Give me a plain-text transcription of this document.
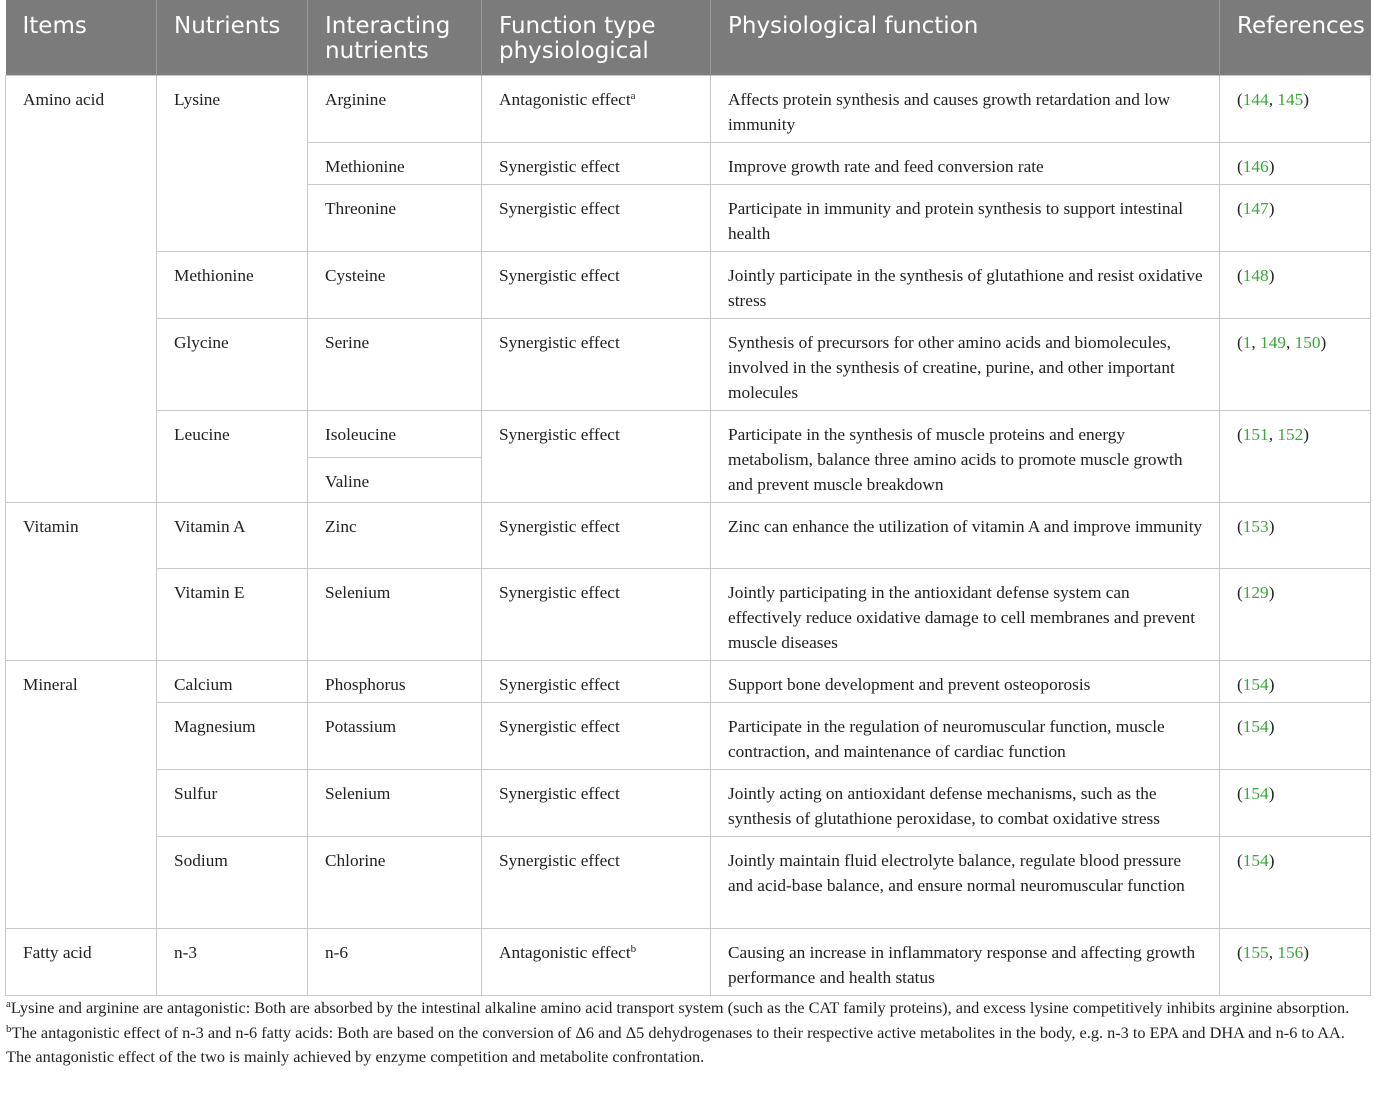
Items	Nutrients	Interacting nutrients	Function type physiological	Physiological function	References
Amino acid	Lysine	Arginine	Antagonistic effect$^a$	Affects protein synthesis and causes growth retardation and low immunity	(144, 145)
		Methionine	Synergistic effect	Improve growth rate and feed conversion rate	(146)
		Threonine	Synergistic effect	Participate in immunity and protein synthesis to support intestinal health	(147)
	Methionine	Cysteine	Synergistic effect	Jointly participate in the synthesis of glutathione and resist oxidative stress	(148)
	Glycine	Serine	Synergistic effect	Synthesis of precursors for other amino acids and biomolecules, involved in the synthesis of creatine, purine, and other important molecules	(1, 149, 150)
	Leucine	Isoleucine	Synergistic effect	Participate in the synthesis of muscle proteins and energy metabolism, balance three amino acids to promote muscle growth and prevent muscle breakdown	(151, 152)
		Valine			
Vitamin	Vitamin A	Zinc	Synergistic effect	Zinc can enhance the utilization of vitamin A and improve immunity	(153)
	Vitamin E	Selenium	Synergistic effect	Jointly participating in the antioxidant defense system can effectively reduce oxidative damage to cell membranes and prevent muscle diseases	(129)
Mineral	Calcium	Phosphorus	Synergistic effect	Support bone development and prevent osteoporosis	(154)
	Magnesium	Potassium	Synergistic effect	Participate in the regulation of neuromuscular function, muscle contraction, and maintenance of cardiac function	(154)
	Sulfur	Selenium	Synergistic effect	Jointly acting on antioxidant defense mechanisms, such as the synthesis of glutathione peroxidase, to combat oxidative stress	(154)
	Sodium	Chlorine	Synergistic effect	Jointly maintain fluid electrolyte balance, regulate blood pressure and acid-base balance, and ensure normal neuromuscular function	(154)
Fatty acid	n-3	n-6	Antagonistic effect$^b$	Causing an increase in inflammatory response and affecting growth performance and health status	(155, 156)

$^a$Lysine and arginine are antagonistic: Both are absorbed by the intestinal alkaline amino acid transport system (such as the CAT family proteins), and excess lysine competitively inhibits arginine absorption.

$^b$The antagonistic effect of n-3 and n-6 fatty acids: Both are based on the conversion of Δ6 and Δ5 dehydrogenases to their respective active metabolites in the body, e.g. n-3 to EPA and DHA and n-6 to AA. The antagonistic effect of the two is mainly achieved by enzyme competition and metabolite confrontation.
